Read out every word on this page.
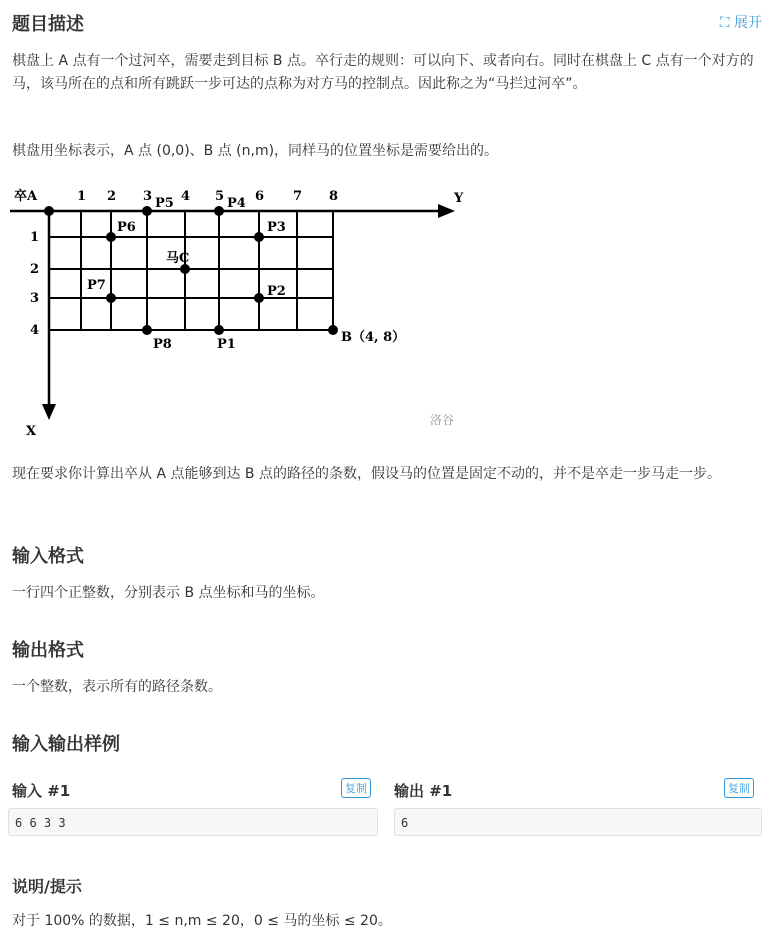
题目描述	⛶ 展开

棋盘上 A 点有一个过河卒，需要走到目标 B 点。卒行走的规则：可以向下、或者向右。同时在棋盘上 C 点有一个对方的马，该马所在的点和所有跳跃一步可达的点称为对方马的控制点。因此称之为“马拦过河卒”。

棋盘用坐标表示，A 点 (0,0)、B 点 (n,m)，同样马的位置坐标是需要给出的。

卒A	Y
X
1 2 3 4 5 6 7 8
1
2
3
4
马C
B（4, 8）
P1
P2
P3
P4
P5
P6
P7
P8
洛谷

现在要求你计算出卒从 A 点能够到达 B 点的路径的条数，假设马的位置是固定不动的，并不是卒走一步马走一步。

输入格式

一行四个正整数，分别表示 B 点坐标和马的坐标。

输出格式

一个整数，表示所有的路径条数。

输入输出样例
输入 #1	复制
6 6 3 3
输出 #1	复制
6
说明/提示

对于 100% 的数据，1 ≤ n,m ≤ 20，0 ≤ 马的坐标 ≤ 20。
